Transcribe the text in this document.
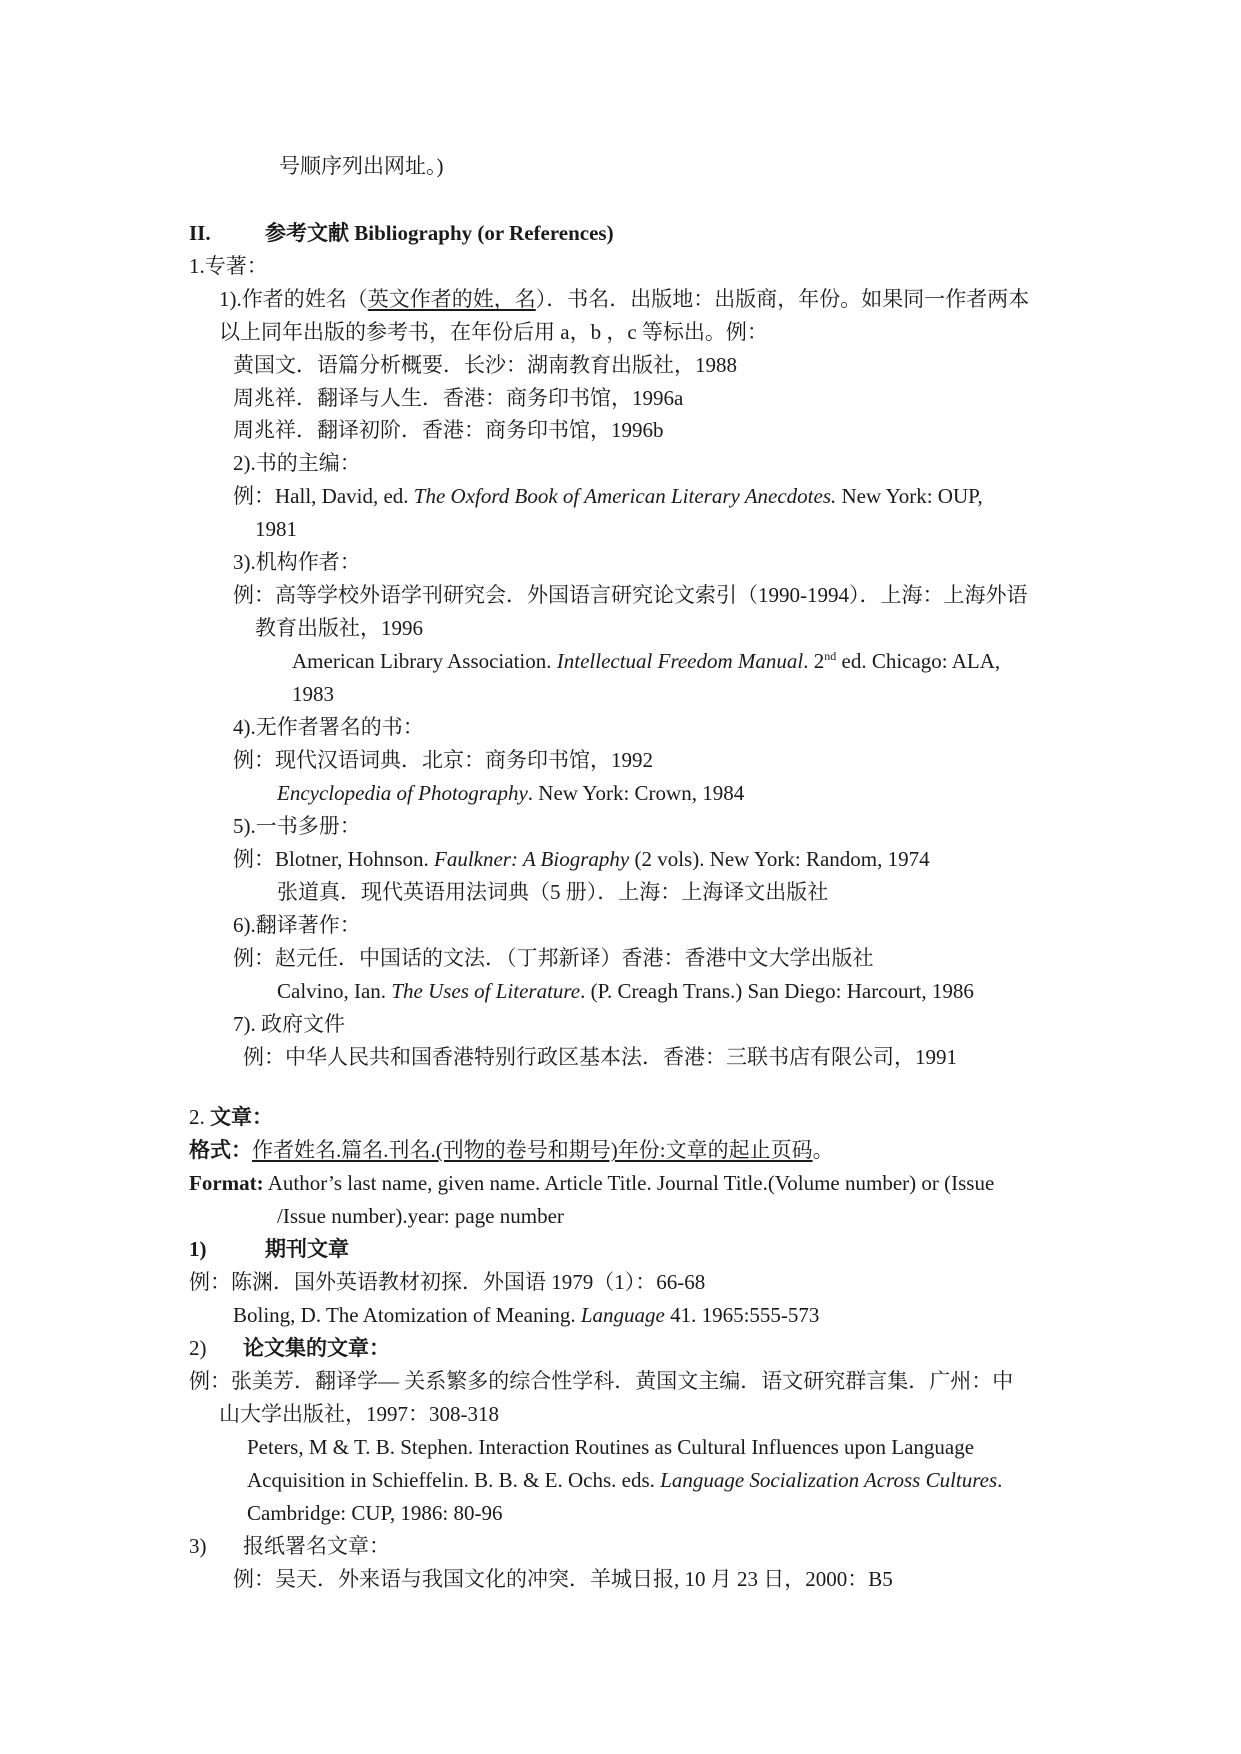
号顺序列出网址。)
II.	参考文献 Bibliography (or References)
1.专著：
1).作者的姓名（英文作者的姓，名）．书名．出版地：出版商，年份。如果同一作者两本
以上同年出版的参考书，在年份后用 a，b ，c 等标出。例：
黄国文．语篇分析概要．长沙：湖南教育出版社，1988
周兆祥．翻译与人生．香港：商务印书馆，1996a
周兆祥．翻译初阶．香港：商务印书馆，1996b
2).书的主编：
例：Hall, David, ed. The Oxford Book of American Literary Anecdotes. New York: OUP,
1981
3).机构作者：
例：高等学校外语学刊研究会．外国语言研究论文索引（1990-1994）．上海：上海外语
教育出版社，1996
American Library Association. Intellectual Freedom Manual. 2nd ed. Chicago: ALA,
1983
4).无作者署名的书：
例：现代汉语词典．北京：商务印书馆，1992
Encyclopedia of Photography. New York: Crown, 1984
5).一书多册：
例：Blotner, Hohnson. Faulkner: A Biography (2 vols). New York: Random, 1974
张道真．现代英语用法词典（5 册）．上海：上海译文出版社
6).翻译著作：
例：赵元任．中国话的文法．（丁邦新译）香港：香港中文大学出版社
Calvino, Ian. The Uses of Literature. (P. Creagh Trans.) San Diego: Harcourt, 1986
7). 政府文件
例：中华人民共和国香港特别行政区基本法．香港：三联书店有限公司，1991
2. 文章：
格式：作者姓名.篇名.刊名.(刊物的卷号和期号)年份:文章的起止页码。
Format: Author’s last name, given name. Article Title. Journal Title.(Volume number) or (Issue
/Issue number).year: page number
1)	期刊文章
例：陈渊．国外英语教材初探．外国语 1979（1）：66-68
Boling, D. The Atomization of Meaning. Language 41. 1965:555-573
2) 论文集的文章：
例：张美芳．翻译学— 关系繁多的综合性学科．黄国文主编．语文研究群言集．广州：中
山大学出版社，1997：308-318
Peters, M & T. B. Stephen. Interaction Routines as Cultural Influences upon Language
Acquisition in Schieffelin. B. B. & E. Ochs. eds. Language Socialization Across Cultures.
Cambridge: CUP, 1986: 80-96
3) 报纸署名文章：
例：吴天．外来语与我国文化的冲突．羊城日报, 10 月 23 日，2000：B5
